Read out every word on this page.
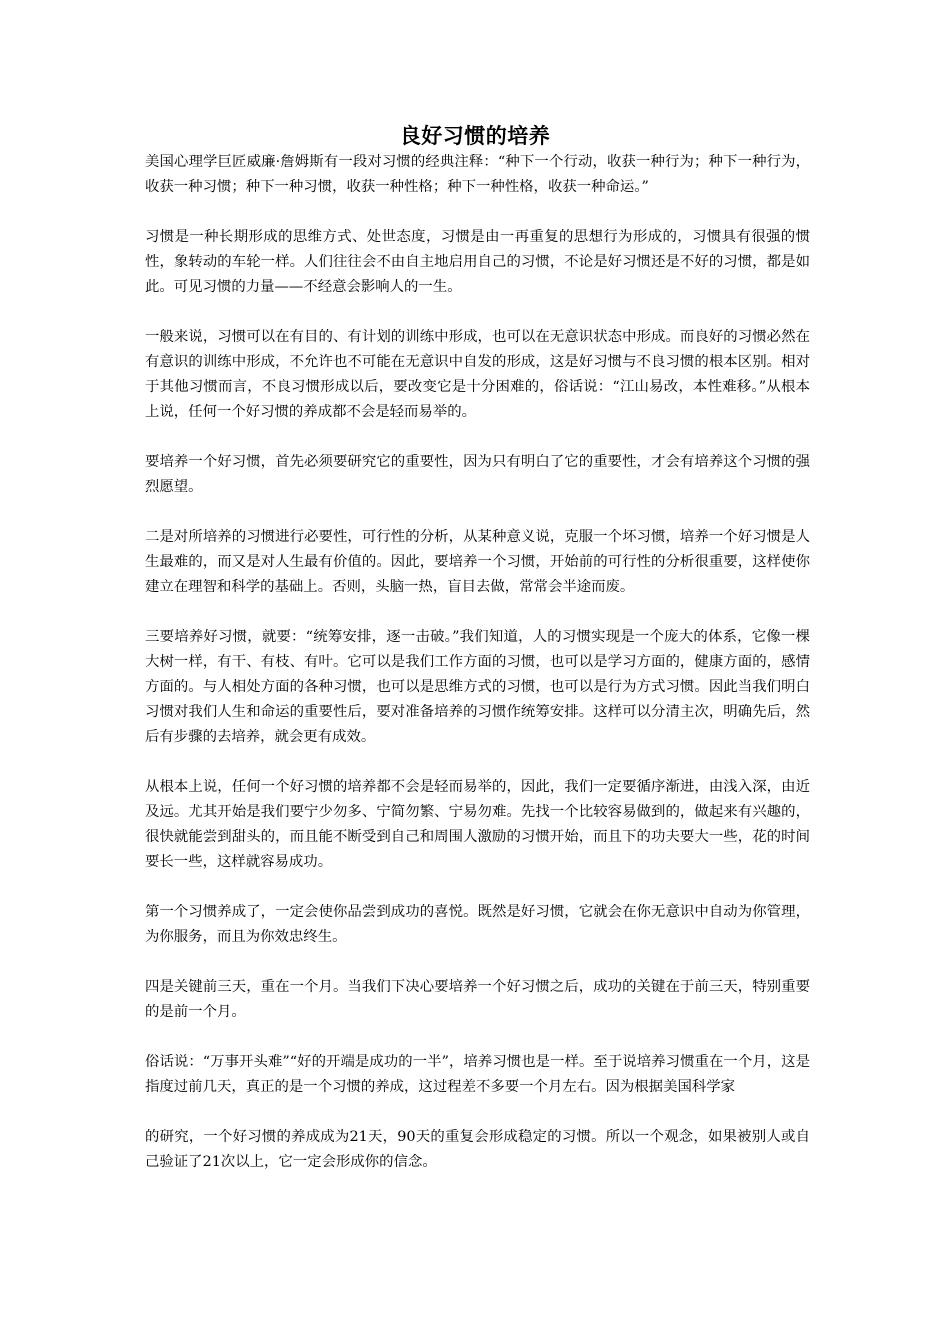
良好习惯的培养

美国心理学巨匠威廉·詹姆斯有一段对习惯的经典注释：“种下一个行动，收获一种行为；种下一种行为，收获一种习惯；种下一种习惯，收获一种性格；种下一种性格，收获一种命运。”

习惯是一种长期形成的思维方式、处世态度，习惯是由一再重复的思想行为形成的，习惯具有很强的惯性，象转动的车轮一样。人们往往会不由自主地启用自己的习惯，不论是好习惯还是不好的习惯，都是如此。可见习惯的力量——不经意会影响人的一生。

一般来说，习惯可以在有目的、有计划的训练中形成，也可以在无意识状态中形成。而良好的习惯必然在有意识的训练中形成，不允许也不可能在无意识中自发的形成，这是好习惯与不良习惯的根本区别。相对于其他习惯而言，不良习惯形成以后，要改变它是十分困难的，俗话说：“江山易改，本性难移。”从根本上说，任何一个好习惯的养成都不会是轻而易举的。

要培养一个好习惯，首先必须要研究它的重要性，因为只有明白了它的重要性，才会有培养这个习惯的强烈愿望。

二是对所培养的习惯进行必要性，可行性的分析，从某种意义说，克服一个坏习惯，培养一个好习惯是人生最难的，而又是对人生最有价值的。因此，要培养一个习惯，开始前的可行性的分析很重要，这样使你建立在理智和科学的基础上。否则，头脑一热，盲目去做，常常会半途而废。

三要培养好习惯，就要：“统筹安排，逐一击破。”我们知道，人的习惯实现是一个庞大的体系，它像一棵大树一样，有干、有枝、有叶。它可以是我们工作方面的习惯，也可以是学习方面的，健康方面的，感情方面的。与人相处方面的各种习惯，也可以是思维方式的习惯，也可以是行为方式习惯。因此当我们明白习惯对我们人生和命运的重要性后，要对准备培养的习惯作统筹安排。这样可以分清主次，明确先后，然后有步骤的去培养，就会更有成效。

从根本上说，任何一个好习惯的培养都不会是轻而易举的，因此，我们一定要循序渐进，由浅入深，由近及远。尤其开始是我们要宁少勿多、宁简勿繁、宁易勿难。先找一个比较容易做到的，做起来有兴趣的，很快就能尝到甜头的，而且能不断受到自己和周围人激励的习惯开始，而且下的功夫要大一些，花的时间要长一些，这样就容易成功。

第一个习惯养成了，一定会使你品尝到成功的喜悦。既然是好习惯，它就会在你无意识中自动为你管理，为你服务，而且为你效忠终生。

四是关键前三天，重在一个月。当我们下决心要培养一个好习惯之后，成功的关键在于前三天，特别重要的是前一个月。

俗话说：“万事开头难”“好的开端是成功的一半”，培养习惯也是一样。至于说培养习惯重在一个月，这是指度过前几天，真正的是一个习惯的养成，这过程差不多要一个月左右。因为根据美国科学家

的研究，一个好习惯的养成成为21天，90天的重复会形成稳定的习惯。所以一个观念，如果被别人或自己验证了21次以上，它一定会形成你的信念。
